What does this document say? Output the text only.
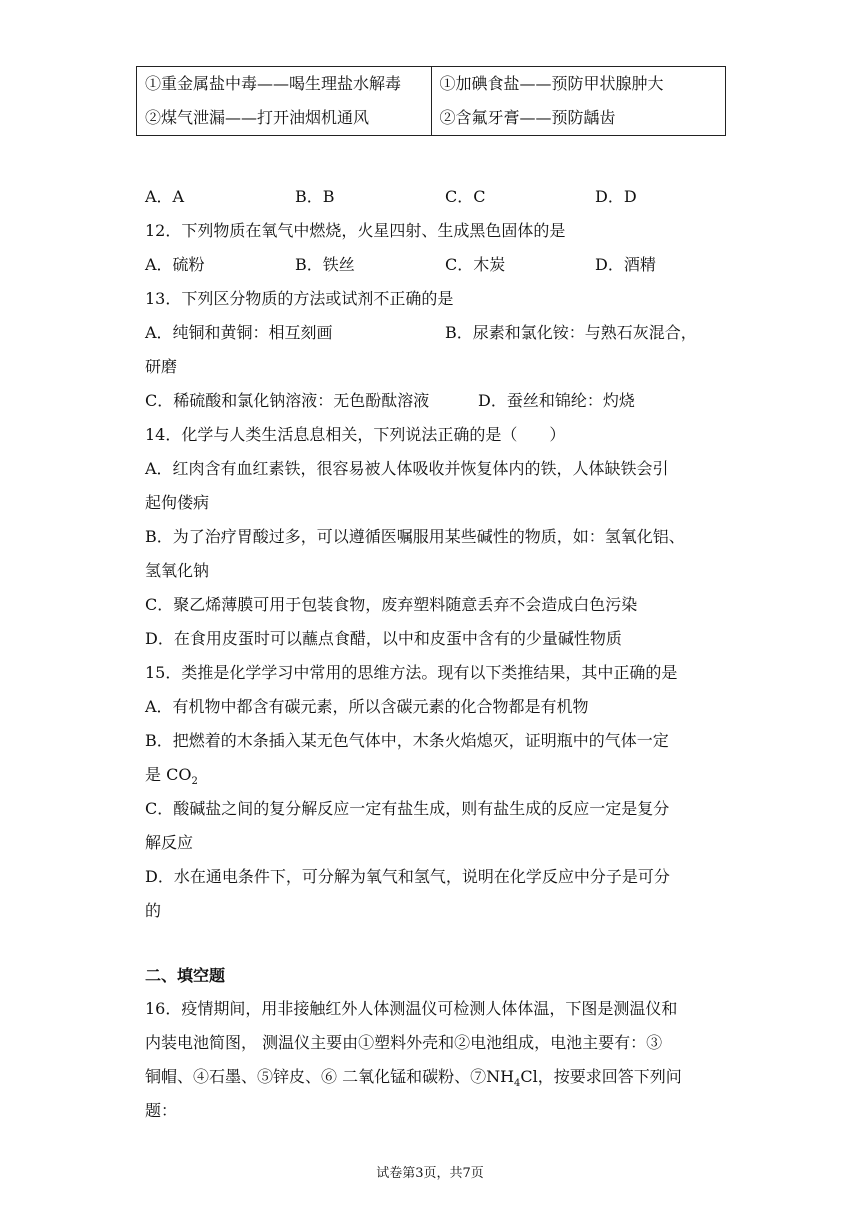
①重金属盐中毒——喝生理盐水解毒
②煤气泄漏——打开油烟机通风

①加碘食盐——预防甲状腺肿大
②含氟牙膏——预防龋齿
A．A	B．B	C．C	D．D
12．下列物质在氧气中燃烧，火星四射、生成黑色固体的是
A．硫粉	B．铁丝	C．木炭	D．酒精
13．下列区分物质的方法或试剂不正确的是
A．纯铜和黄铜：相互刻画	B．尿素和氯化铵：与熟石灰混合，
研磨
C．稀硫酸和氯化钠溶液：无色酚酞溶液	D．蚕丝和锦纶：灼烧
14．化学与人类生活息息相关，下列说法正确的是（　　）
A．红肉含有血红素铁，很容易被人体吸收并恢复体内的铁，人体缺铁会引
起佝偻病
B．为了治疗胃酸过多，可以遵循医嘱服用某些碱性的物质，如：氢氧化铝、
氢氧化钠
C．聚乙烯薄膜可用于包装食物，废弃塑料随意丢弃不会造成白色污染
D．在食用皮蛋时可以蘸点食醋，以中和皮蛋中含有的少量碱性物质
15．类推是化学学习中常用的思维方法。现有以下类推结果，其中正确的是
A．有机物中都含有碳元素，所以含碳元素的化合物都是有机物
B．把燃着的木条插入某无色气体中，木条火焰熄灭，证明瓶中的气体一定
是 $CO_2$
C．酸碱盐之间的复分解反应一定有盐生成，则有盐生成的反应一定是复分
解反应
D．水在通电条件下，可分解为氧气和氢气，说明在化学反应中分子是可分
的
二、填空题
16．疫情期间，用非接触红外人体测温仪可检测人体体温，下图是测温仪和
内装电池简图， 测温仪主要由①塑料外壳和②电池组成，电池主要有：③
铜帽、④石墨、⑤锌皮、⑥ 二氧化锰和碳粉、$⑦NH_4Cl$，按要求回答下列问
题：
试卷第3页，共7页
